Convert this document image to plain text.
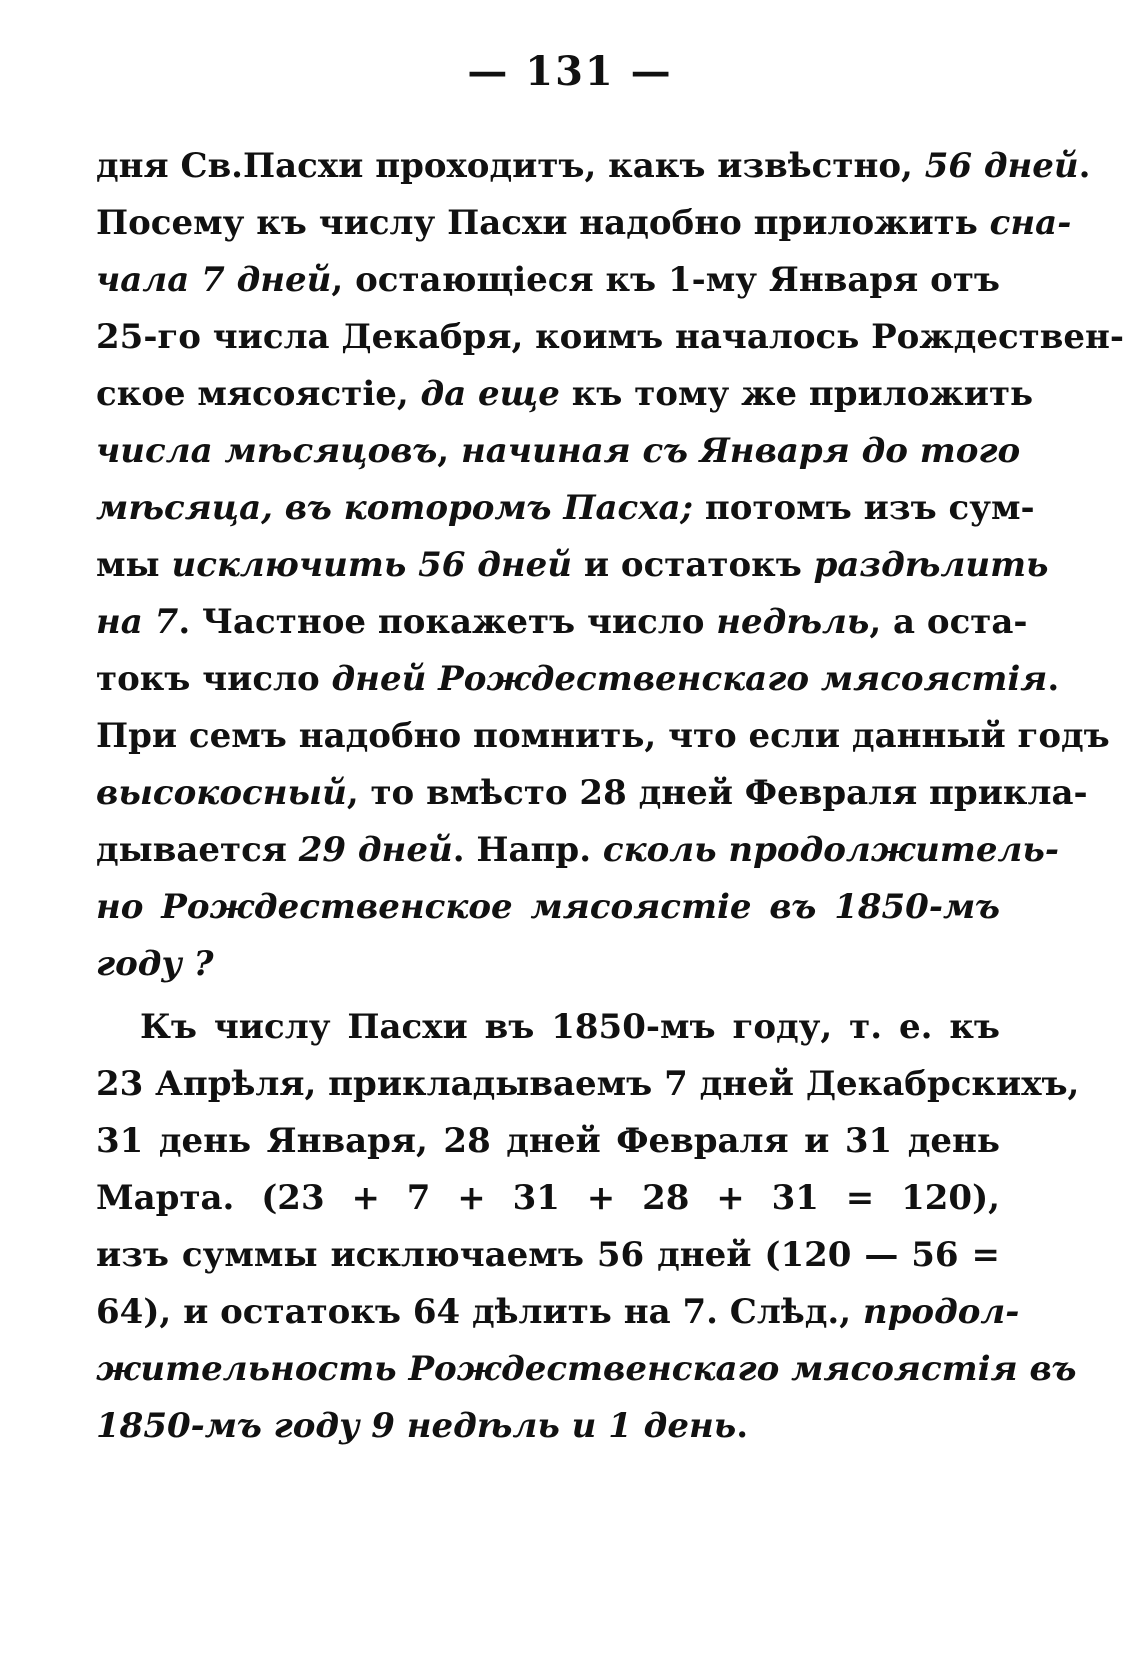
— 131 —
дня Св.Пасхи проходитъ, какъ извѣстно, 56 дней.
Посему къ числу Пасхи надобно приложить сна-
чала 7 дней, остающіеся къ 1-му Января отъ
25-го числа Декабря, коимъ началось Рождествен-
ское мясоястіе, да еще къ тому же приложить
числа мѣсяцовъ, начиная съ Января до того
мѣсяца, въ которомъ Пасха; потомъ изъ сум-
мы исключить 56 дней и остатокъ раздѣлить
на 7. Частное покажетъ число недѣль, а оста-
токъ число дней Рождественскаго мясоястія.
При семъ надобно помнить, что если данный годъ
высокосный, то вмѣсто 28 дней Февраля прикла-
дывается 29 дней. Напр. сколь продолжитель-
но Рождественское мясоястіе въ 1850-мъ
году ?
Къ числу Пасхи въ 1850-мъ году, т. е. къ
23 Апрѣля, прикладываемъ 7 дней Декабрскихъ,
31 день Января, 28 дней Февраля и 31 день
Марта. (23 + 7 + 31 + 28 + 31 = 120),
изъ суммы исключаемъ 56 дней (120 — 56 =
64), и остатокъ 64 дѣлить на 7. Слѣд., продол-
жительность Рождественскаго мясоястія въ
1850-мъ году 9 недѣль и 1 день.
